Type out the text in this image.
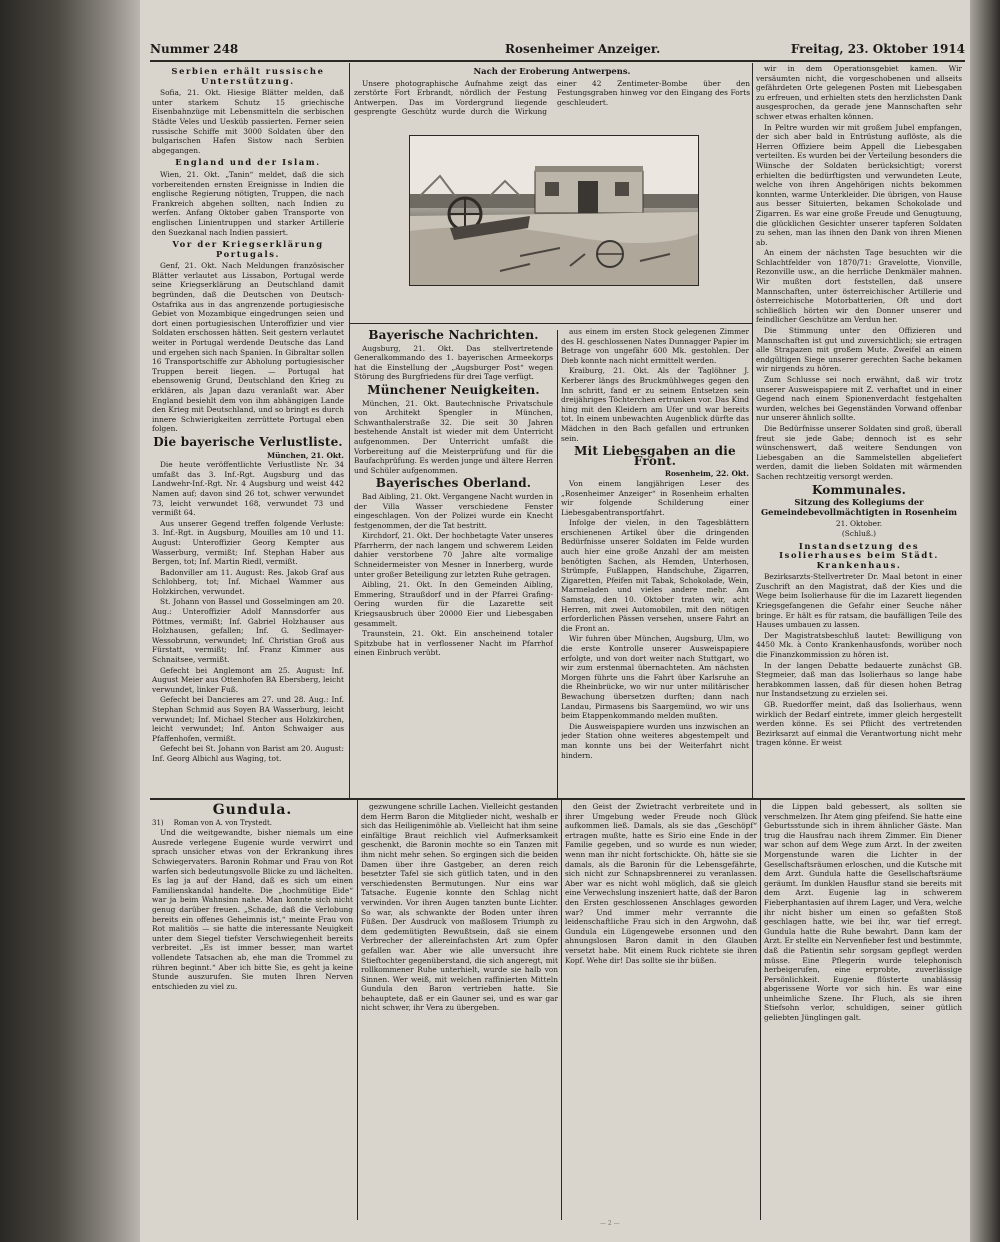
Nummer 248	Rosenheimer Anzeiger.	Freitag, 23. Oktober 1914
Serbien erhält russische Unterstützung.

Sofia, 21. Okt. Hiesige Blätter melden, daß unter starkem Schutz 15 griechische Eisenbahnzüge mit Lebensmitteln die serbischen Städte Veles und Uesküb passierten. Ferner seien russische Schiffe mit 3000 Soldaten über den bulgarischen Hafen Sistow nach Serbien abgegangen.

England und der Islam.

Wien, 21. Okt. „Tanin“ meldet, daß die sich vorbereitenden ernsten Ereignisse in Indien die englische Regierung nötigten, Truppen, die nach Frankreich abgehen sollten, nach Indien zu werfen. Anfang Oktober gaben Transporte von englischen Linientruppen und starker Artillerie den Suezkanal nach Indien passiert.

Vor der Kriegserklärung Portugals.

Genf, 21. Okt. Nach Meldungen französischer Blätter verlautet aus Lissabon, Portugal werde seine Kriegserklärung an Deutschland damit begründen, daß die Deutschen von Deutsch-Ostafrika aus in das angrenzende portugiesische Gebiet von Mozambique eingedrungen seien und dort einen portugiesischen Unteroffizier und vier Soldaten erschossen hätten. Seit gestern verlautet weiter in Portugal werdende Deutsche das Land und ergehen sich nach Spanien. In Gibraltar sollen 16 Transportschiffe zur Abholung portugiesischer Truppen bereit liegen. — Portugal hat ebensowenig Grund, Deutschland den Krieg zu erklären, als Japan dazu veranlaßt war. Aber England besiehlt dem von ihm abhängigen Lande den Krieg mit Deutschland, und so bringt es durch innere Schwierigkeiten zerrüttete Portugal eben folgen.

Die bayerische Verlustliste.
München, 21. Okt.

Die heute veröffentlichte Verlustliste Nr. 34 umfaßt das 3. Inf.-Rgt. Augsburg und das Landwehr-Inf.-Rgt. Nr. 4 Augsburg und weist 442 Namen auf; davon sind 26 tot, schwer verwundet 73, leicht verwundet 168, verwundet 73 und vermißt 64.

Aus unserer Gegend treffen folgende Verluste: 3. Inf.-Rgt. in Augsburg, Mouilles am 10 und 11. August: Unteroffizier Georg Kempter aus Wasserburg, vermißt; Inf. Stephan Haber aus Bergen, tot; Inf. Martin Riedl, vermißt.

Badonviller am 11. August: Res. Jakob Graf aus Schlohberg, tot; Inf. Michael Wammer aus Holzkirchen, verwundet.

St. Johann von Bassel und Gosselmingen am 20. Aug.: Unteroffizier Adolf Mannsdorfer aus Pöttmes, vermißt; Inf. Gabriel Holzhauser aus Holzhausen, gefallen; Inf. G. Sedlmayer-Wessobrunn, verwundet; Inf. Christian Groß aus Fürstatt, vermißt; Inf. Franz Kimmer aus Schnaitsee, vermißt.

Gefecht bei Anglemont am 25. August: Inf. August Meier aus Ottenhofen BA Ebersberg, leicht verwundet, linker Fuß.

Gefecht bei Dancieres am 27. und 28. Aug.: Inf. Stephan Schmid aus Soyen BA Wasserburg, leicht verwundet; Inf. Michael Stecher aus Holzkirchen, leicht verwundet; Inf. Anton Schwaiger aus Pfaffenhofen, vermißt.

Gefecht bei St. Johann von Barist am 20. August: Inf. Georg Albichl aus Waging, tot.

Nach der Eroberung Antwerpens.

Unsere photographische Aufnahme zeigt das zerstörte Fort Erbrandt, nördlich der Festung Antwerpen. Das im Vordergrund liegende gesprengte Geschütz wurde durch die Wirkung einer 42 Zentimeter-Bombe über den Festungsgraben hinweg vor den Eingang des Forts geschleudert.

Bayerische Nachrichten.

Augsburg, 21. Okt. Das stellvertretende Generalkommando des 1. bayerischen Armeekorps hat die Einstellung der „Augsburger Post“ wegen Störung des Burgfriedens für drei Tage verfügt.

Münchener Neuigkeiten.

München, 21. Okt. Bautechnische Privatschule von Architekt Spengler in München, Schwanthalerstraße 32. Die seit 30 Jahren bestehende Anstalt ist wieder mit dem Unterricht aufgenommen. Der Unterricht umfaßt die Vorbereitung auf die Meisterprüfung und für die Baufachprüfung. Es werden junge und ältere Herren und Schüler aufgenommen.

Bayerisches Oberland.

Bad Aibling, 21. Okt. Vergangene Nacht wurden in der Villa Wasser verschiedene Fenster eingeschlagen. Von der Polizei wurde ein Knecht festgenommen, der die Tat bestritt.

Kirchdorf, 21. Okt. Der hochbetagte Vater unseres Pfarrherrn, der nach langem und schwerem Leiden dahier verstorbene 70 Jahre alte vormalige Schneidermeister von Mesner in Innerberg, wurde unter großer Beteiligung zur letzten Ruhe getragen.

Aibling, 21. Okt. In den Gemeinden Aibling, Emmering, Straußdorf und in der Pfarrei Grafing-Oering wurden für die Lazarette seit Kriegsausbruch über 20000 Eier und Liebesgaben gesammelt.

Traunstein, 21. Okt. Ein anscheinend totaler Spitzbube hat in verflossener Nacht im Pfarrhof einen Einbruch verübt.

aus einem im ersten Stock gelegenen Zimmer des H. geschlossenen Nates Dunnagger Papier im Betrage von ungefähr 600 Mk. gestohlen. Der Dieb konnte nach nicht ermittelt werden.

Kraiburg, 21. Okt. Als der Taglöhner J. Kerberer längs des Bruckmühlweges gegen den Inn schritt, fand er zu seinem Entsetzen sein dreijähriges Töchterchen ertrunken vor. Das Kind hing mit den Kleidern am Ufer und war bereits tot. In einem unbewachten Augenblick dürfte das Mädchen in den Bach gefallen und ertrunken sein.

Mit Liebesgaben an die Front.
Rosenheim, 22. Okt.

Von einem langjährigen Leser des „Rosenheimer Anzeiger“ in Rosenheim erhalten wir folgende Schilderung einer Liebesgabentransportfahrt.

Infolge der vielen, in den Tagesblättern erschienenen Artikel über die dringenden Bedürfnisse unserer Soldaten im Felde wurden auch hier eine große Anzahl der am meisten benötigten Sachen, als Hemden, Unterhosen, Strümpfe, Fußlappen, Handschuhe, Zigarren, Zigaretten, Pfeifen mit Tabak, Schokolade, Wein, Marmeladen und vieles andere mehr. Am Samstag, den 10. Oktober traten wir, acht Herren, mit zwei Automobilen, mit den nötigen erforderlichen Pässen versehen, unsere Fahrt an die Front an.

Wir fuhren über München, Augsburg, Ulm, wo die erste Kontrolle unserer Ausweispapiere erfolgte, und von dort weiter nach Stuttgart, wo wir zum erstenmal übernachteten. Am nächsten Morgen führte uns die Fahrt über Karlsruhe an die Rheinbrücke, wo wir nur unter militärischer Bewachung übersetzen durften; dann nach Landau, Pirmasens bis Saargemünd, wo wir uns beim Etappenkommando melden mußten.

Die Ausweispapiere wurden uns inzwischen an jeder Station ohne weiteres abgestempelt und man konnte uns bei der Weiterfahrt nicht hindern.

wir in dem Operationsgebiet kamen. Wir versäumten nicht, die vorgeschobenen und allseits gefährdeten Orte gelegenen Posten mit Liebesgaben zu erfreuen, und erhielten stets den herzlichsten Dank ausgesprochen, da gerade jene Mannschaften sehr schwer etwas erhalten können.

In Peltre wurden wir mit großem Jubel empfangen, der sich aber bald in Entrüstung auflöste, als die Herren Offiziere beim Appell die Liebesgaben verteilten. Es wurden bei der Verteilung besonders die Wünsche der Soldaten berücksichtigt; vorerst erhielten die bedürftigsten und verwundeten Leute, welche von ihren Angehörigen nichts bekommen konnten, warme Unterkleider. Die übrigen, von Hause aus besser Situierten, bekamen Schokolade und Zigarren. Es war eine große Freude und Genugtuung, die glücklichen Gesichter unserer tapferen Soldaten zu sehen, man las ihnen den Dank von ihren Mienen ab.

An einem der nächsten Tage besuchten wir die Schlachtfelder von 1870/71: Gravelotte, Vionville, Rezonville usw., an die herrliche Denkmäler mahnen. Wir mußten dort feststellen, daß unsere Mannschaften, unter österreichischer Artillerie und österreichische Motorbatterien, Oft und dort schließlich hörten wir den Donner unserer und feindlicher Geschütze am Verdun her.

Die Stimmung unter den Offizieren und Mannschaften ist gut und zuversichtlich; sie ertragen alle Strapazen mit großem Mute. Zweifel an einem endgültigen Siege unserer gerechten Sache bekamen wir nirgends zu hören.

Zum Schlusse sei noch erwähnt, daß wir trotz unserer Ausweispapiere mit Z. verhaftet und in einer Gegend nach einem Spionenverdacht festgehalten wurden, welches bei Gegenständen Vorwand offenbar nur unserer ähnlich sollte.

Die Bedürfnisse unserer Soldaten sind groß, überall freut sie jede Gabe; dennoch ist es sehr wünschenswert, daß weitere Sendungen von Liebesgaben an die Sammelstellen abgeliefert werden, damit die lieben Soldaten mit wärmenden Sachen rechtzeitig versorgt werden.

Kommunales.
Sitzung des Kollegiums der Gemeindebevollmächtigten in Rosenheim
21. Oktober.
(Schluß.)
Instandsetzung des Isolierhauses beim Städt. Krankenhaus.

Bezirksarzts-Stellvertreter Dr. Maal betont in einer Zuschrift an den Magistrat, daß der Kies und die Wege beim Isolierhause für die im Lazarett liegenden Kriegsgefangenen die Gefahr einer Seuche näher bringe. Er hält es für ratsam, die baufälligen Teile des Hauses umbauen zu lassen.

Der Magistratsbeschluß lautet: Bewilligung von 4450 Mk. à Conto Krankenhausfonds, worüber noch die Finanzkommission zu hören ist.

In der langen Debatte bedauerte zunächst GB. Stegmeier, daß man das Isolierhaus so lange habe herabkommen lassen, daß für diesen hohen Betrag nur Instandsetzung zu erzielen sei.

GB. Ruedorffer meint, daß das Isolierhaus, wenn wirklich der Bedarf eintrete, immer gleich hergestellt werden könne. Es sei Pflicht des vertretenden Bezirksarzt auf einmal die Verantwortung nicht mehr tragen könne. Er weist

Gundula.
31) Roman von A. von Trystedt.

Und die weitgewandte, bisher niemals um eine Ausrede verlegene Eugenie wurde verwirrt und sprach unsicher etwas von der Erkrankung ihres Schwiegervaters. Baronin Rohmar und Frau von Rot warfen sich bedeutungsvolle Blicke zu und lächelten. Es lag ja auf der Hand, daß es sich um einen Familienskandal handelte. Die „hochmütige Eide“ war ja beim Wahnsinn nahe. Man konnte sich nicht genug darüber freuen. „Schade, daß die Verlobung bereits ein offenes Geheimnis ist,“ meinte Frau von Rot malitiös — sie hatte die interessante Neuigkeit unter dem Siegel tiefster Verschwiegenheit bereits verbreitet. „Es ist immer besser, man wartet vollendete Tatsachen ab, ehe man die Trommel zu rühren beginnt.“ Aber ich bitte Sie, es geht ja keine Stunde auszurufen. Sie muten Ihren Nerven entschieden zu viel zu.

gezwungene schrille Lachen. Vielleicht gestanden dem Herrn Baron die Mitglieder nicht, weshalb er sich das Heiligenimöhle ab. Vielleicht hat ihm seine einfältige Braut reichlich viel Aufmerksamkeit geschenkt, die Baronin mochte so ein Tanzen mit ihm nicht mehr sehen. So ergingen sich die beiden Damen über ihre Gastgeber, an deren reich besetzter Tafel sie sich gütlich taten, und in den verschiedensten Bermutungen. Nur eins war Tatsache. Eugenie konnte den Schlag nicht verwinden. Vor ihren Augen tanzten bunte Lichter. So war, als schwankte der Boden unter ihren Füßen. Der Ausdruck von maßlosem Triumph zu dem gedemütigten Bewußtsein, daß sie einem Verbrecher der allereinfachsten Art zum Opfer gefallen war. Aber wie alle unversucht ihre Stieftochter gegenüberstand, die sich angeregt, mit rollkommener Ruhe unterhielt, wurde sie halb von Sinnen. Wer weiß, mit welchen raffinierten Mitteln Gundula den Baron vertrieben hatte. Sie behauptete, daß er ein Gauner sei, und es war gar nicht schwer, ihr Vera zu übergeben.

den Geist der Zwietracht verbreitete und in ihrer Umgebung weder Freude noch Glück aufkommen ließ. Damals, als sie das „Geschöpf“ ertragen mußte, hatte es Sirio eine Ende in der Familie gegeben, und so wurde es nun wieder, wenn man ihr nicht fortschickte. Oh, hätte sie sie damals, als die Baronin für die Lebensgefährte, sich nicht zur Schnapsbrennerei zu veranlassen. Aber war es nicht wohl möglich, daß sie gleich eine Verwechslung inszeniert hatte, daß der Baron den Ersten geschlossenen Anschlages geworden war? Und immer mehr verrannte die leidenschaftliche Frau sich in den Argwohn, daß Gundula ein Lügengewebe ersonnen und den ahnungslosen Baron damit in den Glauben versetzt habe. Mit einem Ruck richtete sie ihren Kopf. Wehe dir! Das sollte sie ihr büßen.

die Lippen bald gebessert, als sollten sie verschmelzen. Ihr Atem ging pfeifend. Sie hatte eine Geburtsstunde sich in ihrem ähnlicher Gäste. Man trug die Hausfrau nach ihrem Zimmer. Ein Diener war schon auf dem Wege zum Arzt. In der zweiten Morgenstunde waren die Lichter in der Gesellschaftsräumen erloschen, und die Kutsche mit dem Arzt. Gundula hatte die Gesellschaftsräume geräumt. Im dunklen Hausflur stand sie bereits mit dem Arzt. Eugenie lag in schwerem Fieberphantasien auf ihrem Lager, und Vera, welche ihr nicht bisher um einen so gefaßten Stoß geschlagen hatte, wie bei ihr, war tief erregt. Gundula hatte die Ruhe bewahrt. Dann kam der Arzt. Er stellte ein Nervenfieber fest und bestimmte, daß die Patientin sehr sorgsam gepflegt werden müsse. Eine Pflegerin wurde telephonisch herbeigerufen, eine erprobte, zuverlässige Persönlichkeit. Eugenie flüsterte unablässig abgerissene Worte vor sich hin. Es war eine unheimliche Szene. Ihr Fluch, als sie ihren Stiefsohn verlor, schuldigen, seiner gütlich geliebten Jünglingen galt.

— 2 —
